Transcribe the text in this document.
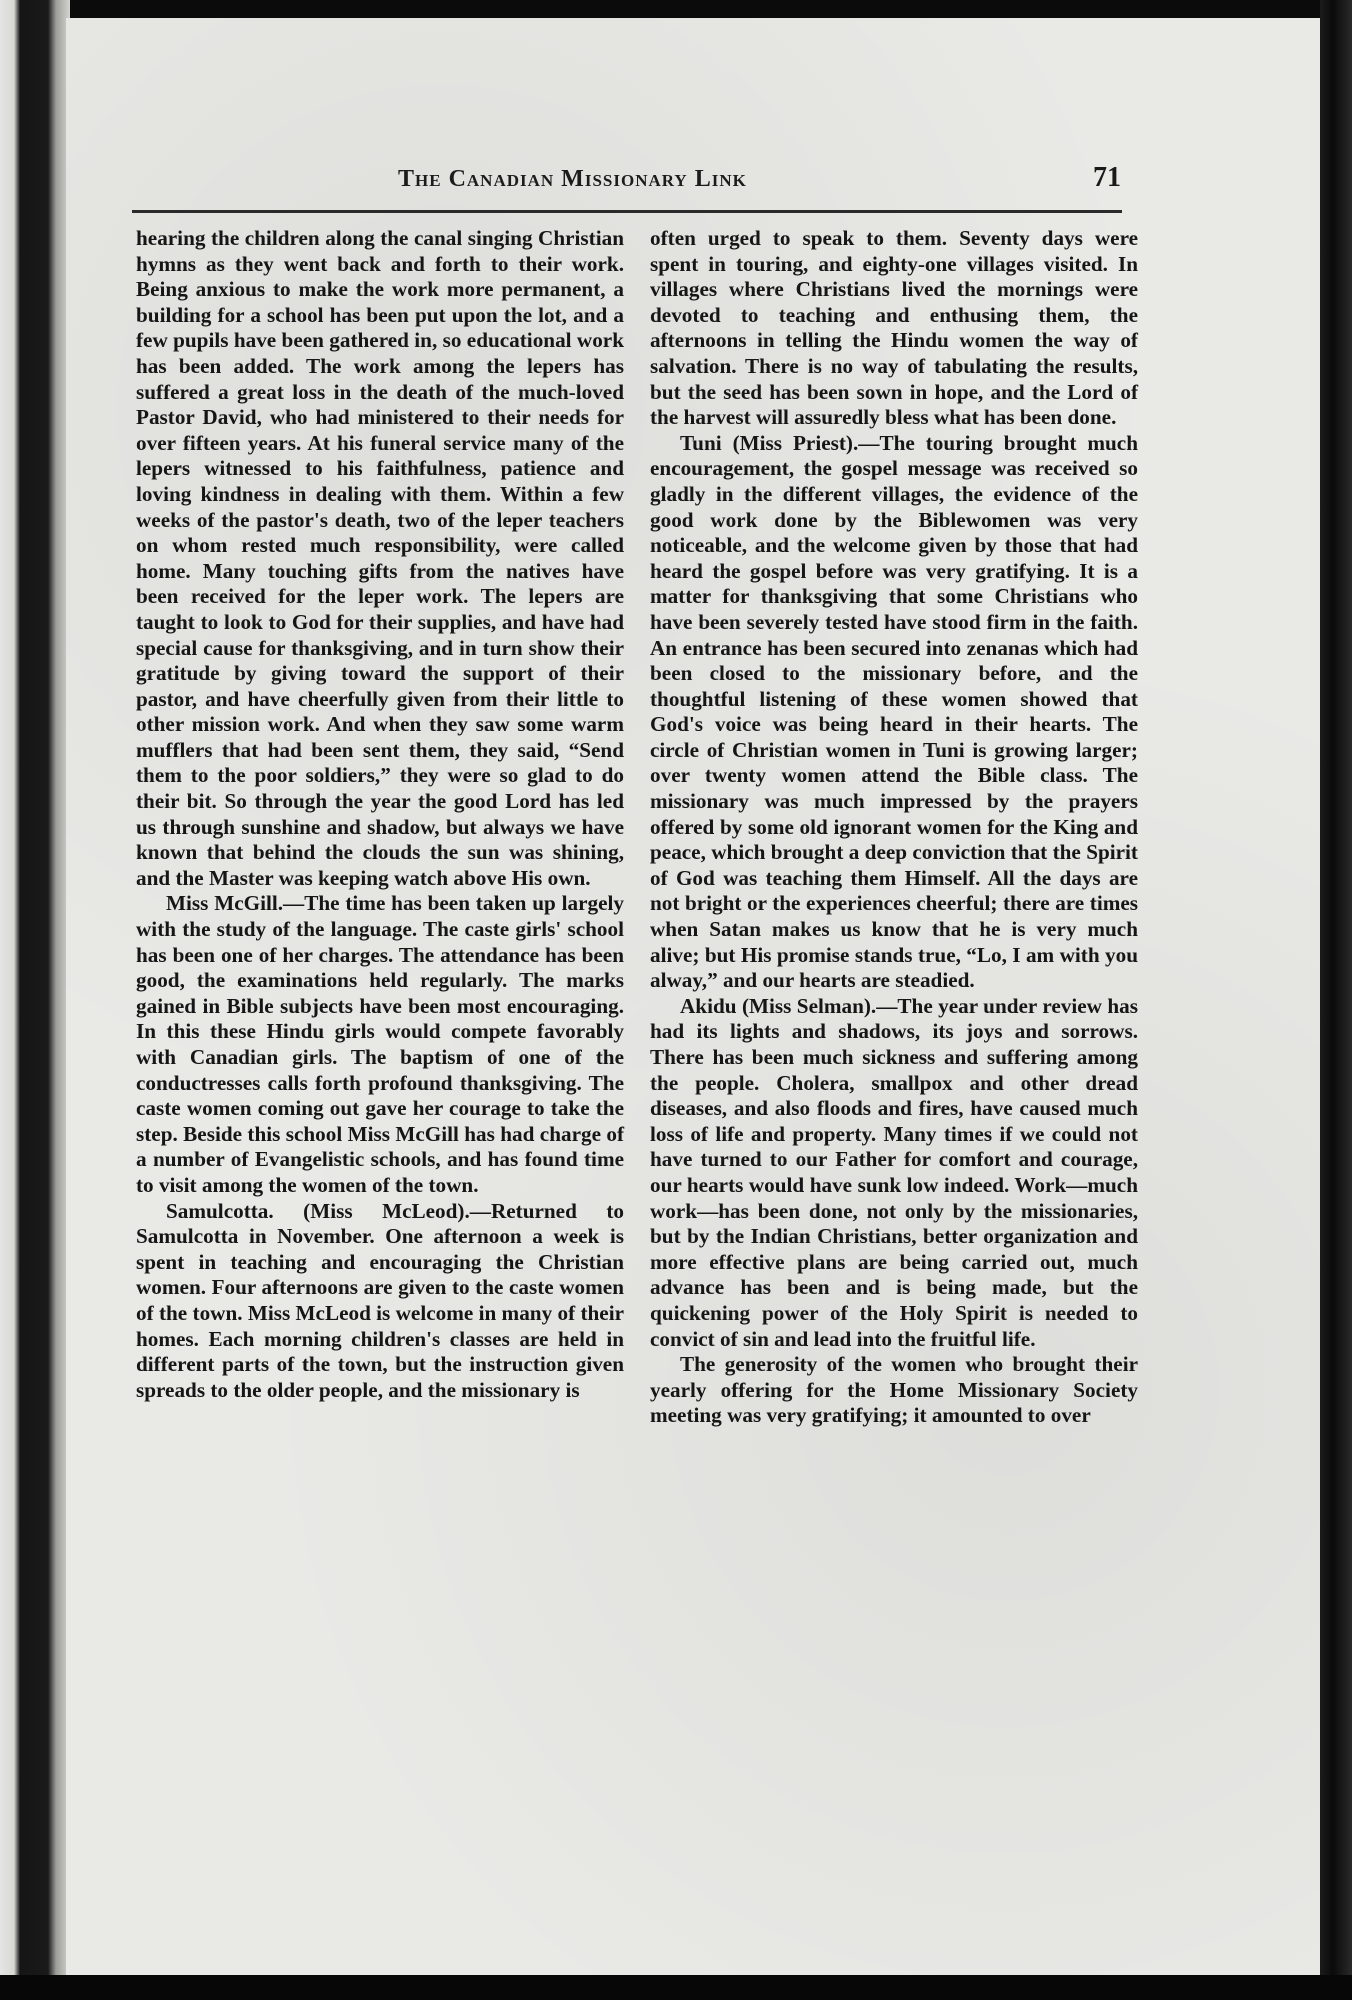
The Canadian Missionary Link	71

hearing the children along the canal singing Christian hymns as they went back and forth to their work. Being anxious to make the work more permanent, a building for a school has been put upon the lot, and a few pupils have been gathered in, so educational work has been added. The work among the lepers has suffered a great loss in the death of the much-loved Pastor David, who had ministered to their needs for over fifteen years. At his funeral service many of the lepers witnessed to his faithfulness, patience and loving kindness in dealing with them. Within a few weeks of the pastor's death, two of the leper teachers on whom rested much responsibility, were called home. Many touching gifts from the natives have been received for the leper work. The lepers are taught to look to God for their supplies, and have had special cause for thanksgiving, and in turn show their gratitude by giving toward the support of their pastor, and have cheerfully given from their little to other mission work. And when they saw some warm mufflers that had been sent them, they said, “Send them to the poor soldiers,” they were so glad to do their bit. So through the year the good Lord has led us through sunshine and shadow, but always we have known that behind the clouds the sun was shining, and the Master was keeping watch above His own.

Miss McGill.—The time has been taken up largely with the study of the language. The caste girls' school has been one of her charges. The attendance has been good, the examinations held regularly. The marks gained in Bible subjects have been most encouraging. In this these Hindu girls would compete favorably with Canadian girls. The baptism of one of the conductresses calls forth profound thanksgiving. The caste women coming out gave her courage to take the step. Beside this school Miss McGill has had charge of a number of Evangelistic schools, and has found time to visit among the women of the town.

Samulcotta. (Miss McLeod).—Returned to Samulcotta in November. One afternoon a week is spent in teaching and encouraging the Christian women. Four afternoons are given to the caste women of the town. Miss McLeod is welcome in many of their homes. Each morning children's classes are held in different parts of the town, but the instruction given spreads to the older people, and the missionary is

often urged to speak to them. Seventy days were spent in touring, and eighty-one villages visited. In villages where Christians lived the mornings were devoted to teaching and enthusing them, the afternoons in telling the Hindu women the way of salvation. There is no way of tabulating the results, but the seed has been sown in hope, and the Lord of the harvest will assuredly bless what has been done.

Tuni (Miss Priest).—The touring brought much encouragement, the gospel message was received so gladly in the different villages, the evidence of the good work done by the Biblewomen was very noticeable, and the welcome given by those that had heard the gospel before was very gratifying. It is a matter for thanksgiving that some Christians who have been severely tested have stood firm in the faith. An entrance has been secured into zenanas which had been closed to the missionary before, and the thoughtful listening of these women showed that God's voice was being heard in their hearts. The circle of Christian women in Tuni is growing larger; over twenty women attend the Bible class. The missionary was much impressed by the prayers offered by some old ignorant women for the King and peace, which brought a deep conviction that the Spirit of God was teaching them Himself. All the days are not bright or the experiences cheerful; there are times when Satan makes us know that he is very much alive; but His promise stands true, “Lo, I am with you alway,” and our hearts are steadied.

Akidu (Miss Selman).—The year under review has had its lights and shadows, its joys and sorrows. There has been much sickness and suffering among the people. Cholera, smallpox and other dread diseases, and also floods and fires, have caused much loss of life and property. Many times if we could not have turned to our Father for comfort and courage, our hearts would have sunk low indeed. Work—much work—has been done, not only by the missionaries, but by the Indian Christians, better organization and more effective plans are being carried out, much advance has been and is being made, but the quickening power of the Holy Spirit is needed to convict of sin and lead into the fruitful life.

The generosity of the women who brought their yearly offering for the Home Missionary Society meeting was very gratifying; it amounted to over
